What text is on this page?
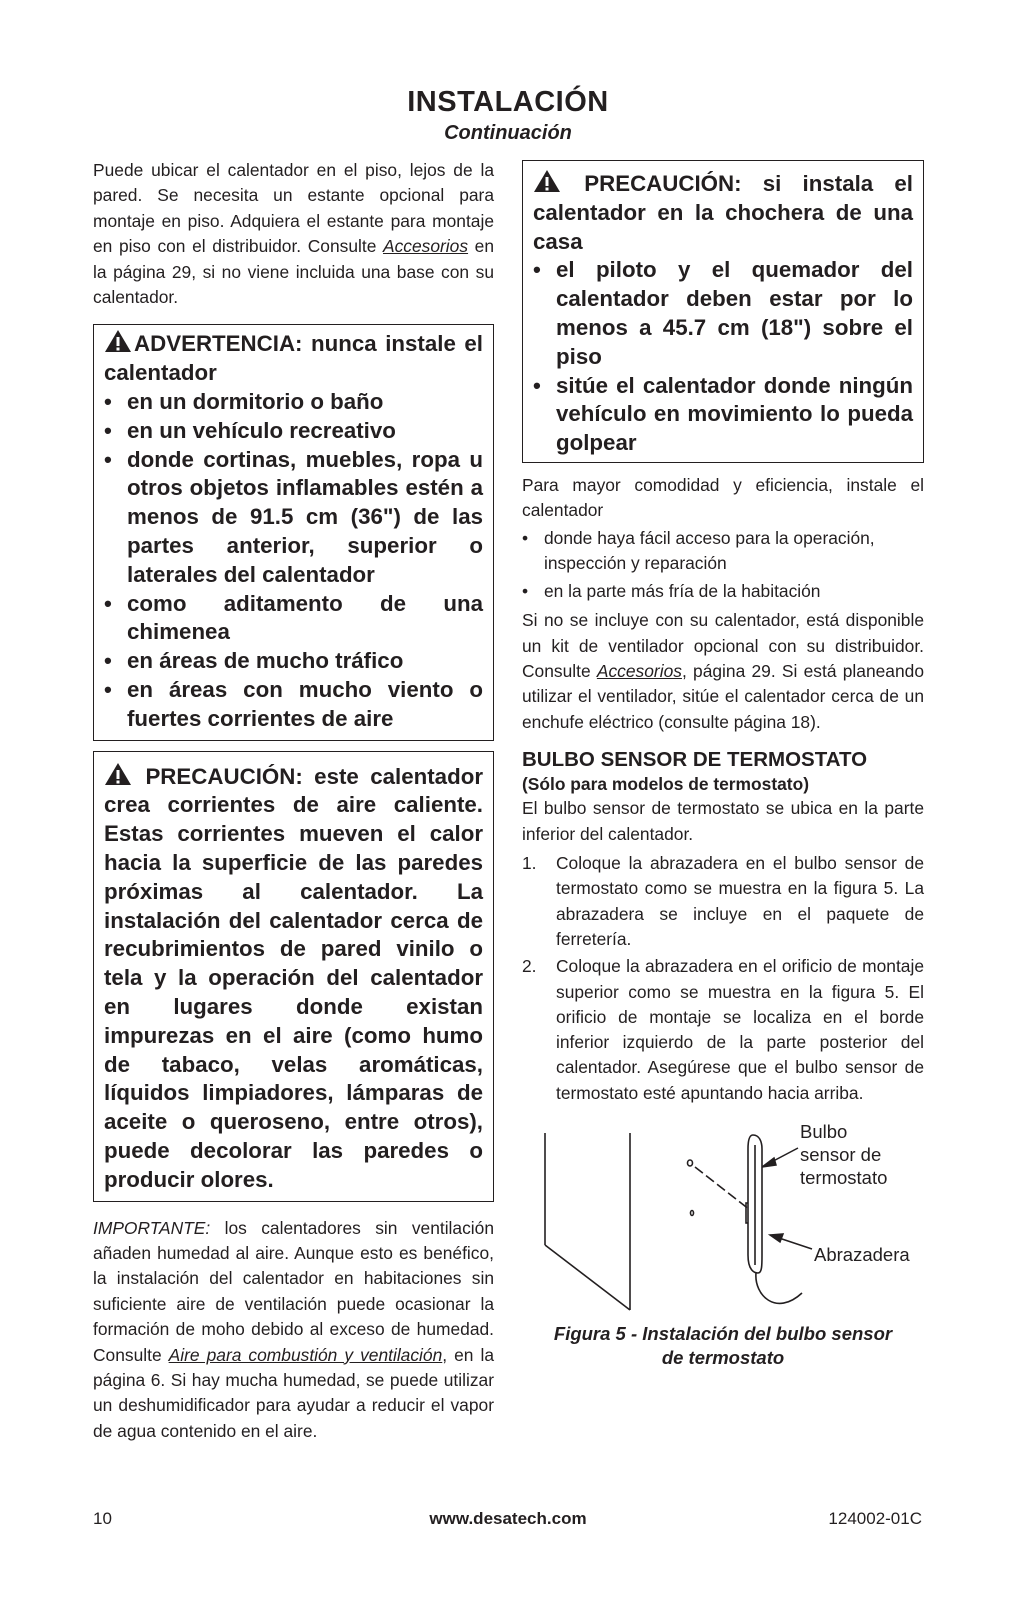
INSTALACIÓN
Continuación

Puede ubicar el calentador en el piso, lejos de la pared. Se necesita un estante opcional para montaje en piso. Adquiera el estante para montaje en piso con el distribuidor. Consulte Accesorios en la página 29, si no viene incluida una base con su calentador.

ADVERTENCIA: nunca instale el calentador
• en un dormitorio o baño
• en un vehículo recreativo
• donde cortinas, muebles, ropa u otros objetos inflamables estén a menos de 91.5 cm (36") de las partes anterior, superior o laterales del calentador
• como aditamento de una chimenea
• en áreas de mucho tráfico
• en áreas con mucho viento o fuertes corrientes de aire
PRECAUCIÓN: este calentador crea corrientes de aire caliente. Estas corrientes mueven el calor hacia la superficie de las paredes próximas al calentador. La instalación del calentador cerca de recubrimientos de pared vinilo o tela y la operación del calentador en lugares donde existan impurezas en el aire (como humo de tabaco, velas aromáticas, líquidos limpiadores, lámparas de aceite o queroseno, entre otros), puede decolorar las paredes o producir olores.

IMPORTANTE: los calentadores sin ventilación añaden humedad al aire. Aunque esto es benéfico, la instalación del calentador en habitaciones sin suficiente aire de ventilación puede ocasionar la formación de moho debido al exceso de humedad. Consulte Aire para combustión y ventilación, en la página 6. Si hay mucha humedad, se puede utilizar un deshumidificador para ayudar a reducir el vapor de agua contenido en el aire.

PRECAUCIÓN: si instala el calentador en la chochera de una casa
• el piloto y el quemador del calentador deben estar por lo menos a 45.7 cm (18") sobre el piso
• sitúe el calentador donde ningún vehículo en movimiento lo pueda golpear

Para mayor comodidad y eficiencia, instale el calentador

• donde haya fácil acceso para la operación, inspección y reparación
• en la parte más fría de la habitación

Si no se incluye con su calentador, está disponible un kit de ventilador opcional con su distribuidor. Consulte Accesorios, página 29. Si está planeando utilizar el ventilador, sitúe el calentador cerca de un enchufe eléctrico (consulte página 18).

BULBO SENSOR DE TERMOSTATO
(Sólo para modelos de termostato)

El bulbo sensor de termostato se ubica en la parte inferior del calentador.

1. Coloque la abrazadera en el bulbo sensor de termostato como se muestra en la figura 5. La abrazadera se incluye en el paquete de ferretería.
2. Coloque la abrazadera en el orificio de montaje superior como se muestra en la figura 5. El orificio de montaje se localiza en el borde inferior izquierdo de la parte posterior del calentador. Asegúrese que el bulbo sensor de termostato esté apuntando hacia arriba.
Bulbo
sensor de
termostato
Abrazadera
Figura 5 - Instalación del bulbo sensor
de termostato
10	www.desatech.com	124002-01C
